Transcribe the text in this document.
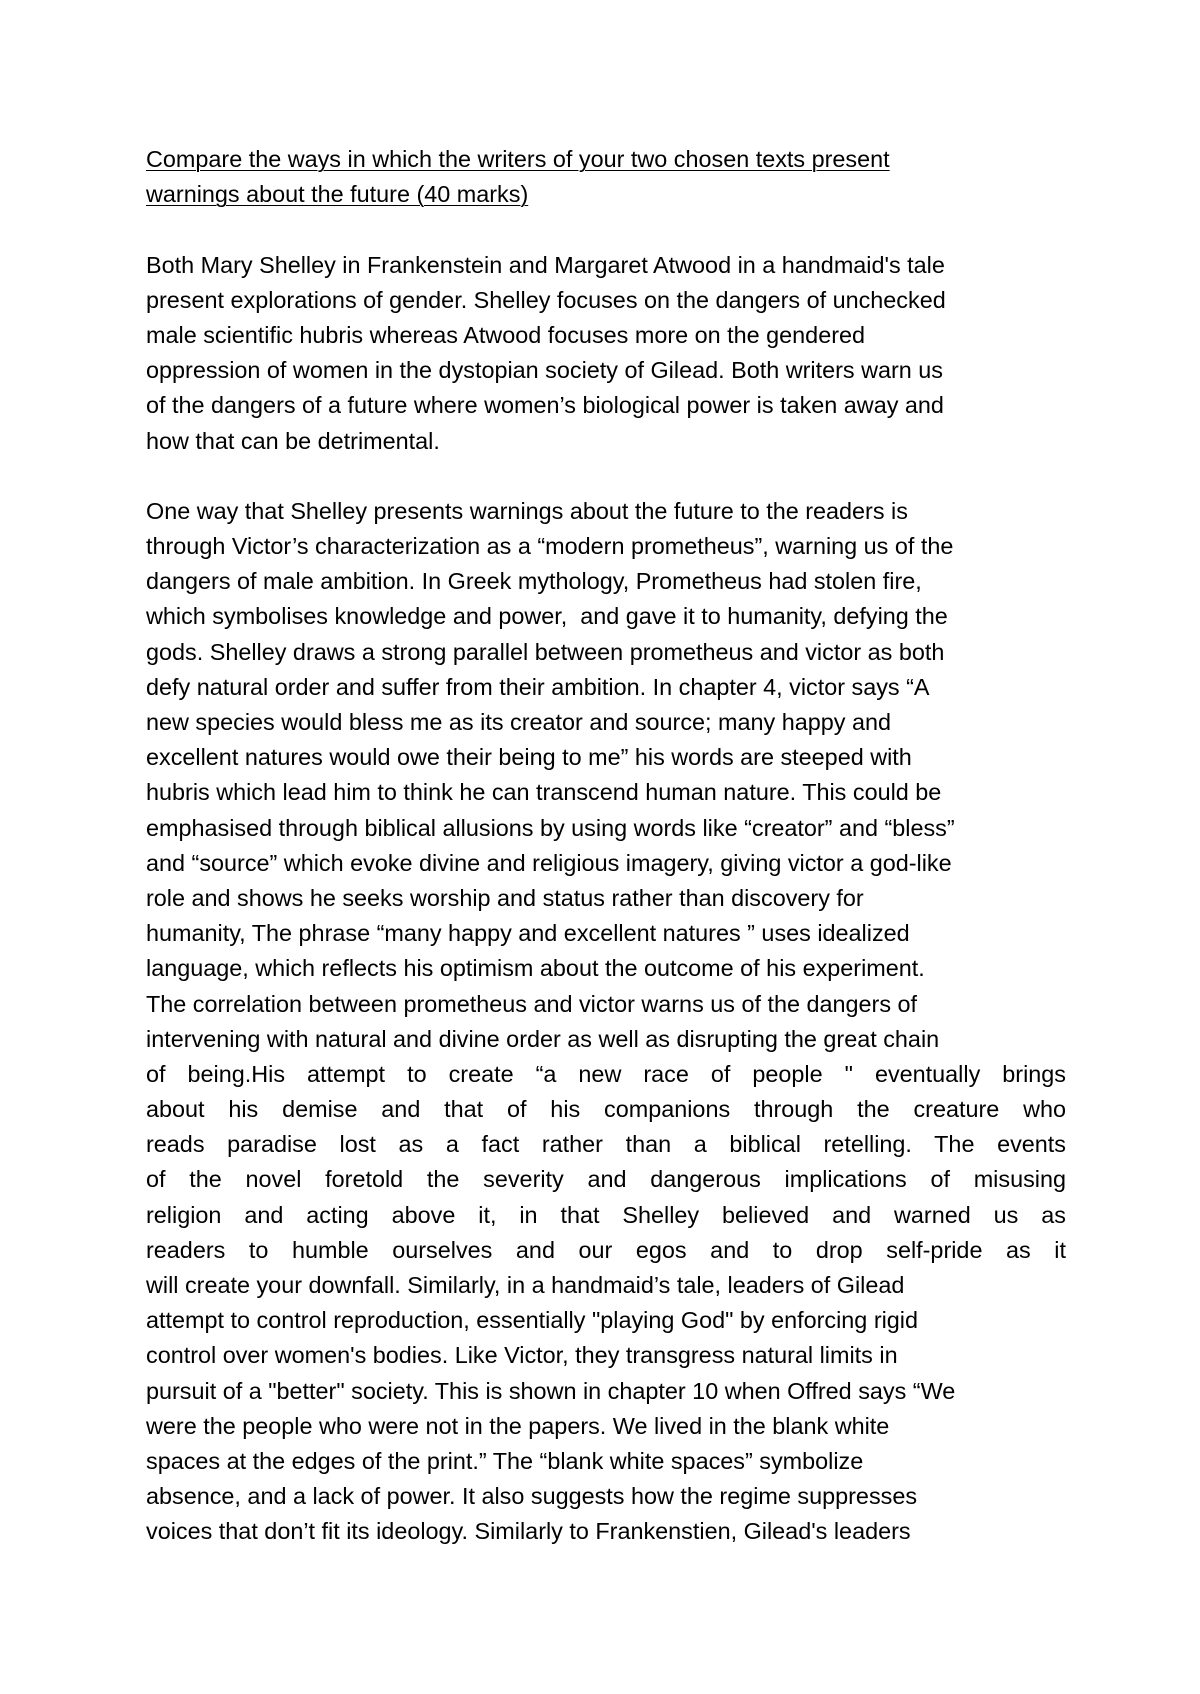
Compare the ways in which the writers of your two chosen texts present
warnings about the future (40 marks)
Both Mary Shelley in Frankenstein and Margaret Atwood in a handmaid's tale
present explorations of gender. Shelley focuses on the dangers of unchecked
male scientific hubris whereas Atwood focuses more on the gendered
oppression of women in the dystopian society of Gilead. Both writers warn us
of the dangers of a future where women’s biological power is taken away and
how that can be detrimental.
One way that Shelley presents warnings about the future to the readers is
through Victor’s characterization as a “modern prometheus”, warning us of the
dangers of male ambition. In Greek mythology, Prometheus had stolen fire,
which symbolises knowledge and power,  and gave it to humanity, defying the
gods. Shelley draws a strong parallel between prometheus and victor as both
defy natural order and suffer from their ambition. In chapter 4, victor says “A
new species would bless me as its creator and source; many happy and
excellent natures would owe their being to me” his words are steeped with
hubris which lead him to think he can transcend human nature. This could be
emphasised through biblical allusions by using words like “creator” and “bless”
and “source” which evoke divine and religious imagery, giving victor a god-like
role and shows he seeks worship and status rather than discovery for
humanity, The phrase “many happy and excellent natures ” uses idealized
language, which reflects his optimism about the outcome of his experiment.
The correlation between prometheus and victor warns us of the dangers of
intervening with natural and divine order as well as disrupting the great chain
of being.His attempt to create “a new race of people " eventually brings
about his demise and that of his companions through the creature who
reads paradise lost as a fact rather than a biblical retelling. The events
of the novel foretold the severity and dangerous implications of misusing
religion and acting above it, in that Shelley believed and warned us as
readers to humble ourselves and our egos and to drop self-pride as it
will create your downfall. Similarly, in a handmaid’s tale, leaders of Gilead
attempt to control reproduction, essentially "playing God" by enforcing rigid
control over women's bodies. Like Victor, they transgress natural limits in
pursuit of a "better" society. This is shown in chapter 10 when Offred says “We
were the people who were not in the papers. We lived in the blank white
spaces at the edges of the print.” The “blank white spaces” symbolize
absence, and a lack of power. It also suggests how the regime suppresses
voices that don’t fit its ideology. Similarly to Frankenstien, Gilead's leaders
